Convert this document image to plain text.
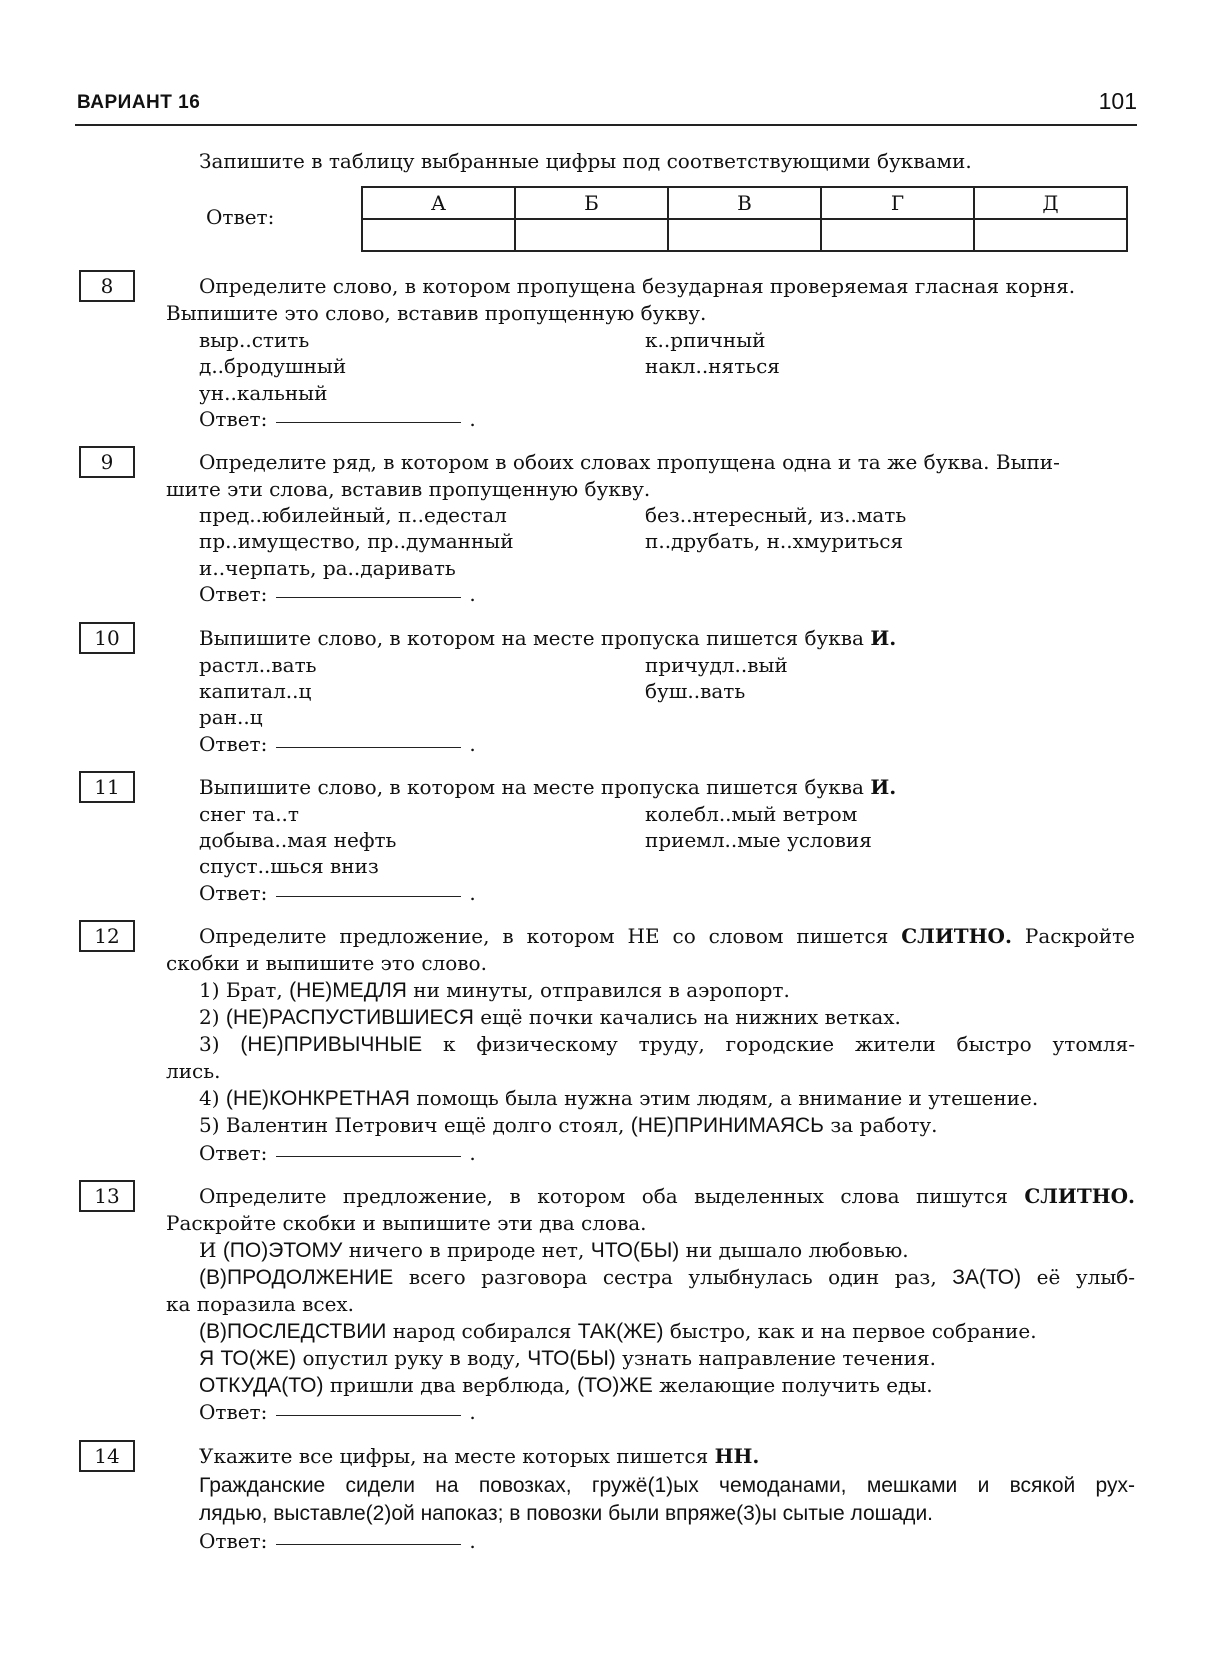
ВАРИАНТ 16	101
Запишите в таблицу выбранные цифры под соответствующими буквами.
Ответ:
А	Б	В	Г	Д

8	Определите слово, в котором пропущена безударная проверяемая гласная корня.
Выпишите это слово, вставив пропущенную букву.
выр..стить	к..рпичный
д..бродушный	накл..няться
ун..кальный
Ответ:	.
9	Определите ряд, в котором в обоих словах пропущена одна и та же буква. Выпи-
шите эти слова, вставив пропущенную букву.
пред..юбилейный, п..едестал	без..нтересный, из..мать
пр..имущество, пр..думанный	п..друбать, н..хмуриться
и..черпать, ра..даривать
Ответ:	.
10	Выпишите слово, в котором на месте пропуска пишется буква И.
растл..вать	причудл..вый
капитал..ц	буш..вать
ран..ц
Ответ:	.
11	Выпишите слово, в котором на месте пропуска пишется буква И.
снег та..т	колебл..мый ветром
добыва..мая нефть	приемл..мые условия
спуст..шься вниз
Ответ:	.
12	Определите предложение, в котором НЕ со словом пишется СЛИТНО. Раскройте
скобки и выпишите это слово.
1) Брат, (НЕ)МЕДЛЯ ни минуты, отправился в аэропорт.
2) (НЕ)РАСПУСТИВШИЕСЯ ещё почки качались на нижних ветках.
3) (НЕ)ПРИВЫЧНЫЕ к физическому труду, городские жители быстро утомля-
лись.
4) (НЕ)КОНКРЕТНАЯ помощь была нужна этим людям, а внимание и утешение.
5) Валентин Петрович ещё долго стоял, (НЕ)ПРИНИМАЯСЬ за работу.
Ответ:	.
13	Определите предложение, в котором оба выделенных слова пишутся СЛИТНО.
Раскройте скобки и выпишите эти два слова.
И (ПО)ЭТОМУ ничего в природе нет, ЧТО(БЫ) ни дышало любовью.
(В)ПРОДОЛЖЕНИЕ всего разговора сестра улыбнулась один раз, ЗА(ТО) её улыб-
ка поразила всех.
(В)ПОСЛЕДСТВИИ народ собирался ТАК(ЖЕ) быстро, как и на первое собрание.
Я ТО(ЖЕ) опустил руку в воду, ЧТО(БЫ) узнать направление течения.
ОТКУДА(ТО) пришли два верблюда, (ТО)ЖЕ желающие получить еды.
Ответ:	.
14	Укажите все цифры, на месте которых пишется НН.
Гражданские сидели на повозках, гружё(1)ых чемоданами, мешками и всякой рух-
лядью, выставле(2)ой напоказ; в повозки были впряже(3)ы сытые лошади.
Ответ:	.
